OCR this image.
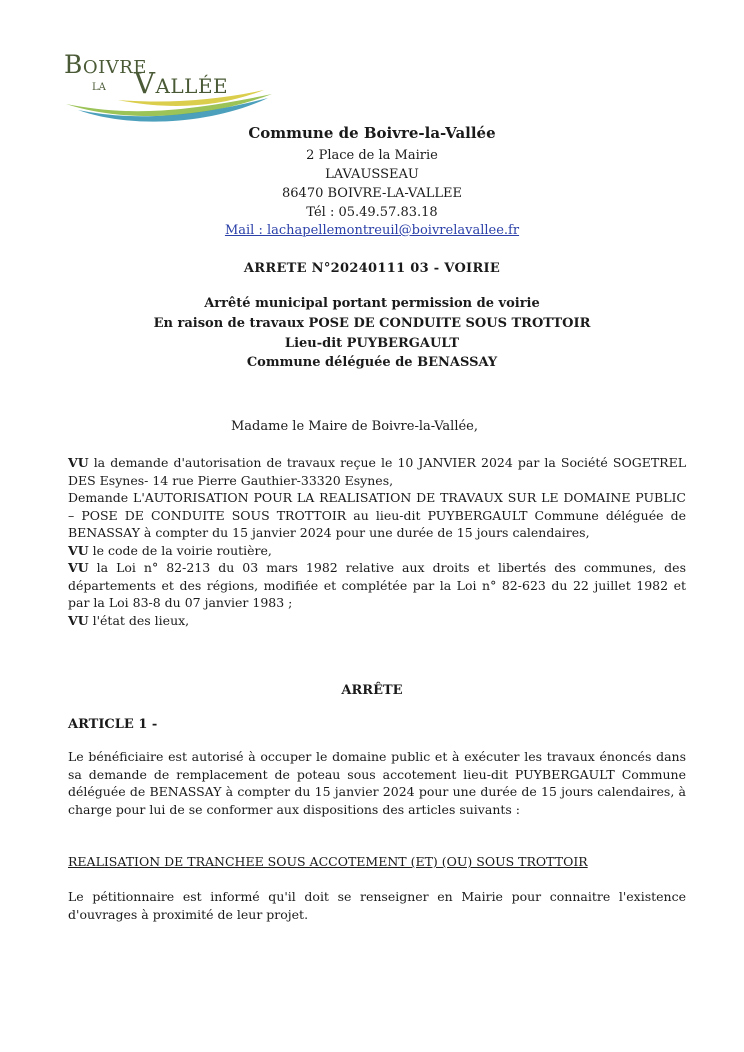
Boivre
la Vallée
Commune de Boivre-la-Vallée
2 Place de la Mairie
LAVAUSSEAU
86470 BOIVRE-LA-VALLEE
Tél : 05.49.57.83.18
Mail : lachapellemontreuil@boivrelavallee.fr
ARRETE N°20240111 03 - VOIRIE
Arrêté municipal portant permission de voirie
En raison de travaux POSE DE CONDUITE SOUS TROTTOIR
Lieu-dit PUYBERGAULT
Commune déléguée de BENASSAY
Madame le Maire de Boivre-la-Vallée,

VU la demande d'autorisation de travaux reçue le 10 JANVIER 2024 par la Société SOGETREL DES Esynes- 14 rue Pierre Gauthier-33320 Esynes,

Demande L'AUTORISATION POUR LA REALISATION DE TRAVAUX SUR LE DOMAINE PUBLIC – POSE DE CONDUITE SOUS TROTTOIR au lieu-dit PUYBERGAULT Commune déléguée de BENASSAY à compter du 15 janvier 2024 pour une durée de 15 jours calendaires,

VU le code de la voirie routière,

VU la Loi n° 82-213 du 03 mars 1982 relative aux droits et libertés des communes, des départements et des régions, modifiée et complétée par la Loi n° 82-623 du 22 juillet 1982 et par la Loi 83-8 du 07 janvier 1983 ;

VU l'état des lieux,

ARRÊTE
ARTICLE 1 -
Le bénéficiaire est autorisé à occuper le domaine public et à exécuter les travaux énoncés dans sa demande de remplacement de poteau sous accotement lieu-dit PUYBERGAULT Commune déléguée de BENASSAY à compter du 15 janvier 2024 pour une durée de 15 jours calendaires, à charge pour lui de se conformer aux dispositions des articles suivants :
REALISATION DE TRANCHEE SOUS ACCOTEMENT (ET) (OU) SOUS TROTTOIR
Le pétitionnaire est informé qu'il doit se renseigner en Mairie pour connaitre l'existence d'ouvrages à proximité de leur projet.
